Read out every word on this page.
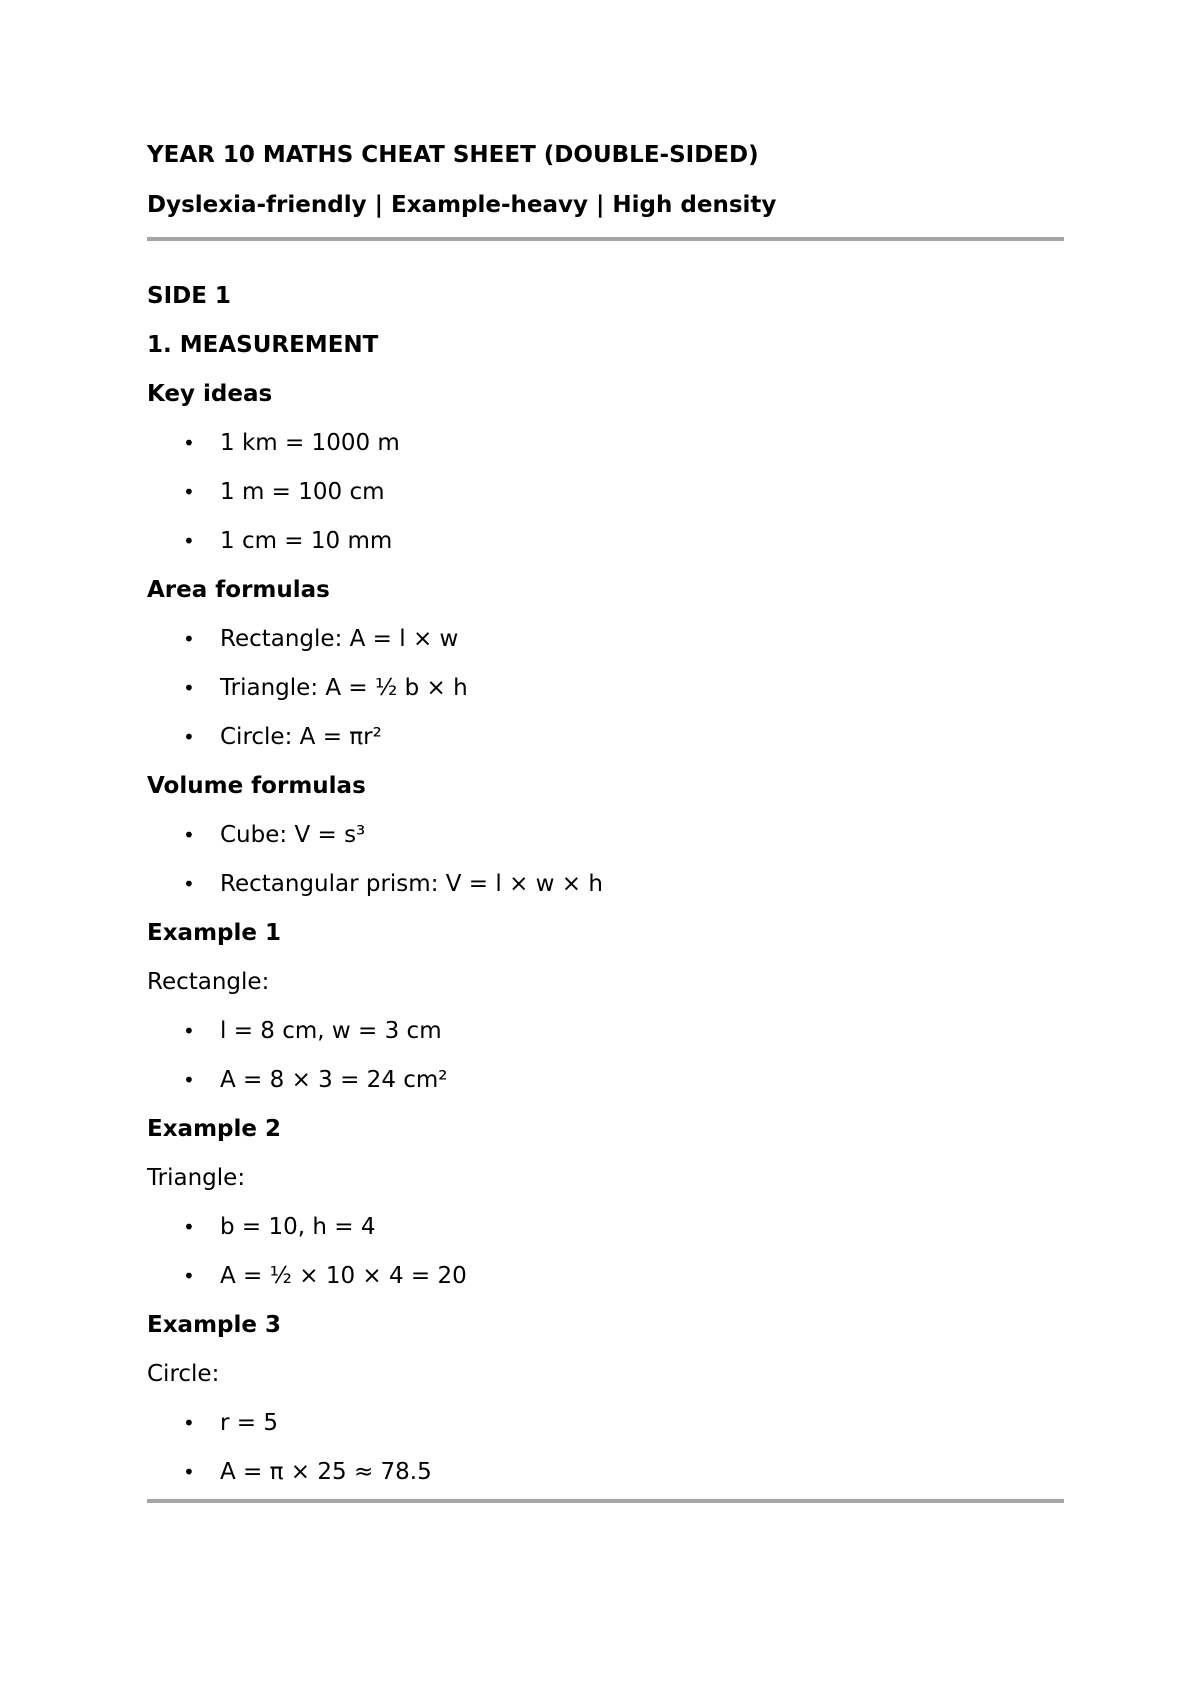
YEAR 10 MATHS CHEAT SHEET (DOUBLE-SIDED)

Dyslexia-friendly | Example-heavy | High density

SIDE 1

1. MEASUREMENT

Key ideas

• 1 km = 1000 m
• 1 m = 100 cm
• 1 cm = 10 mm

Area formulas

• Rectangle: A = l × w
• Triangle: A = ½ b × h
• Circle: A = πr²

Volume formulas

• Cube: V = s³
• Rectangular prism: V = l × w × h

Example 1

Rectangle:

• l = 8 cm, w = 3 cm
• A = 8 × 3 = 24 cm²

Example 2

Triangle:

• b = 10, h = 4
• A = ½ × 10 × 4 = 20

Example 3

Circle:

• r = 5
• A = π × 25 ≈ 78.5
